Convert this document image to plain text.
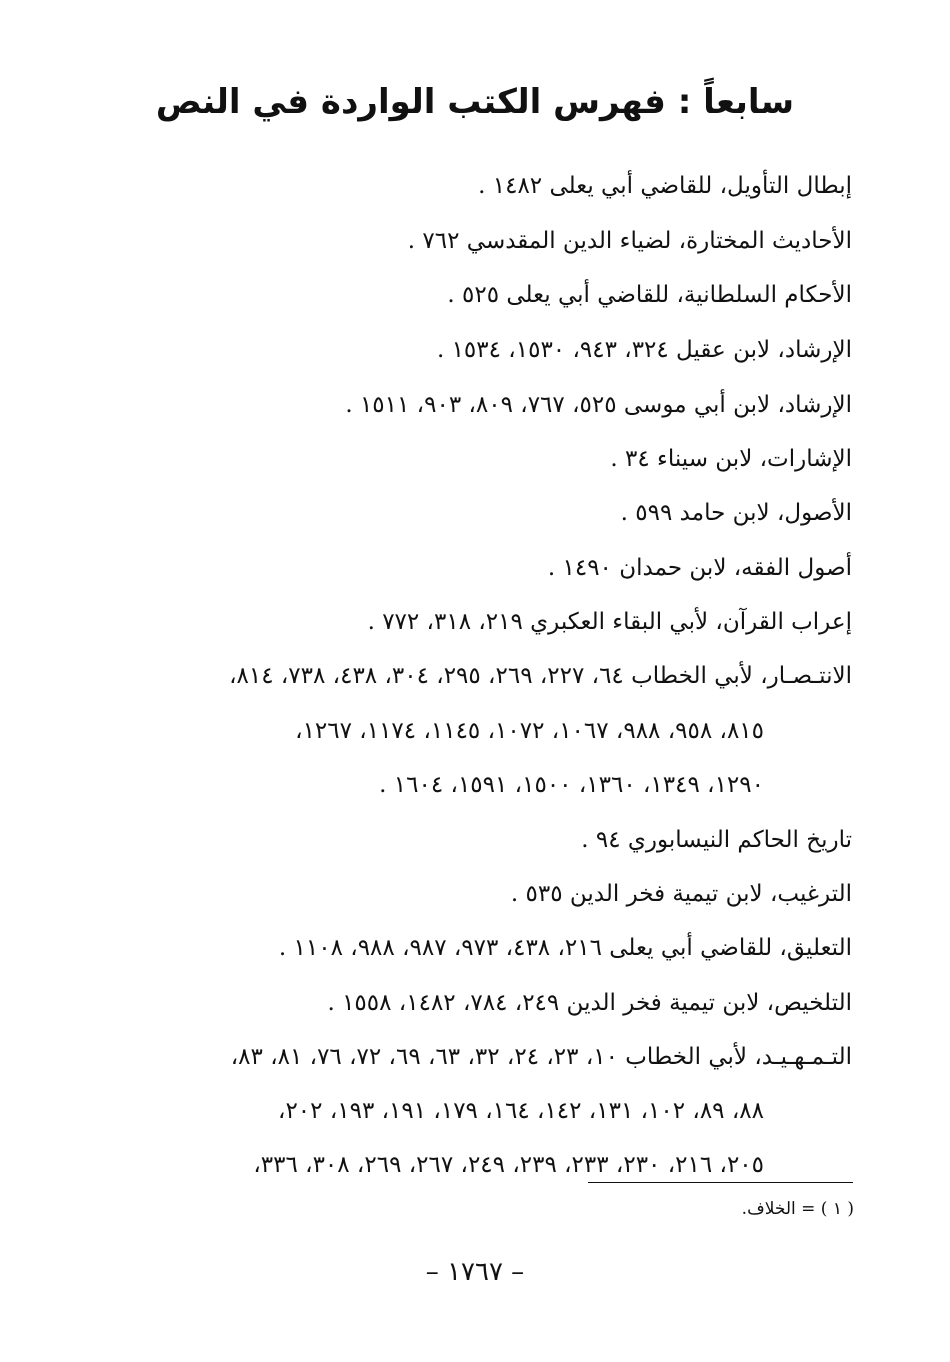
سابعاً : فهرس الكتب الواردة في النص
إبطال التأويل، للقاضي أبي يعلى ١٤٨٢ .
الأحاديث المختارة، لضياء الدين المقدسي ٧٦٢ .
الأحكام السلطانية، للقاضي أبي يعلى ٥٢٥ .
الإرشاد، لابن عقيل ٣٢٤، ٩٤٣، ١٥٣٠، ١٥٣٤ .
الإرشاد، لابن أبي موسى ٥٢٥، ٧٦٧، ٨٠٩، ٩٠٣، ١٥١١ .
الإشارات، لابن سيناء ٣٤ .
الأصول، لابن حامد ٥٩٩ .
أصول الفقه، لابن حمدان ١٤٩٠ .
إعراب القرآن، لأبي البقاء العكبري ٢١٩، ٣١٨، ٧٧٢ .
الانتـصـار، لأبي الخطاب ٦٤، ٢٢٧، ٢٦٩، ٢٩٥، ٣٠٤، ٤٣٨، ٧٣٨، ٨١٤،
٨١٥، ٩٥٨، ٩٨٨، ١٠٦٧، ١٠٧٢، ١١٤٥، ١١٧٤، ١٢٦٧،
١٢٩٠، ١٣٤٩، ١٣٦٠، ١٥٠٠، ١٥٩١، ١٦٠٤ .
تاريخ الحاكم النيسابوري ٩٤ .
الترغيب، لابن تيمية فخر الدين ٥٣٥ .
التعليق، للقاضي أبي يعلى ٢١٦، ٤٣٨، ٩٧٣، ٩٨٧، ٩٨٨، ١١٠٨ .
التلخيص، لابن تيمية فخر الدين ٢٤٩، ٧٨٤، ١٤٨٢، ١٥٥٨ .
التـمـهـيـد، لأبي الخطاب ١٠، ٢٣، ٢٤، ٣٢، ٦٣، ٦٩، ٧٢، ٧٦، ٨١، ٨٣،
٨٨، ٨٩، ١٠٢، ١٣١، ١٤٢، ١٦٤، ١٧٩، ١٩١، ١٩٣، ٢٠٢،
٢٠٥، ٢١٦، ٢٣٠، ٢٣٣، ٢٣٩، ٢٤٩، ٢٦٧، ٢٦٩، ٣٠٨، ٣٣٦،
( ١ ) = الخلاف.
– ١٧٦٧ –
